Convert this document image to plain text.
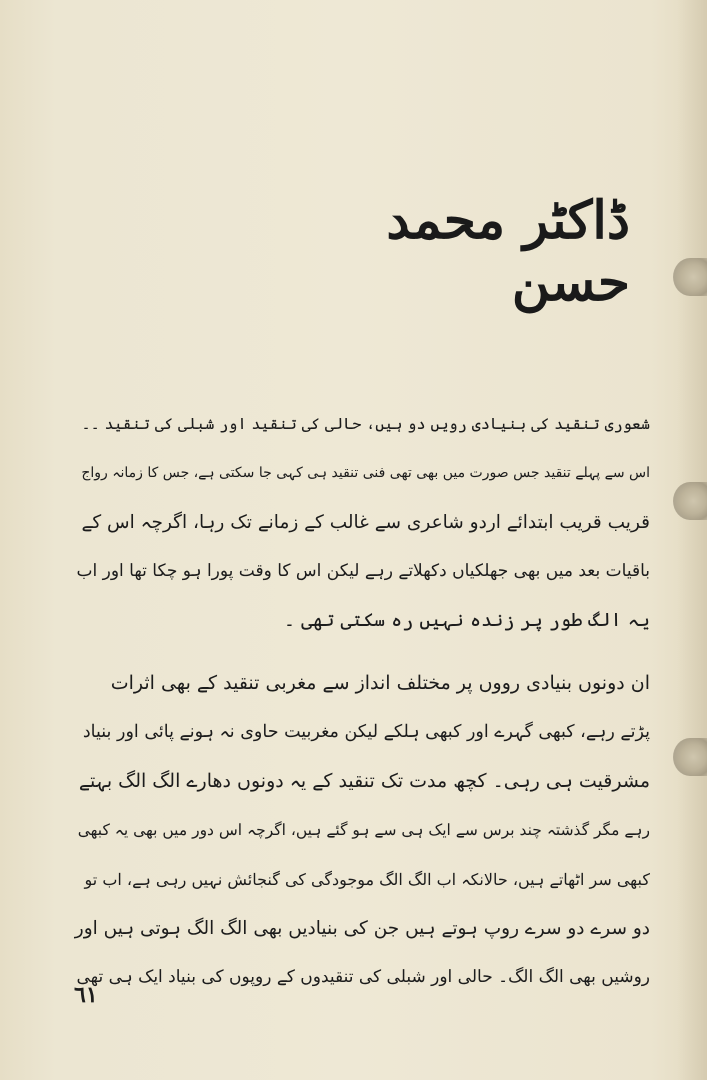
ڈاکٹر محمد حسن
شعوری تنقید کی بنیادی رویں دو ہیں، حالی کی تنقید اور شبلی کی تنقید ۔۔
اس سے پہلے تنقید جس صورت میں بھی تھی فنی تنقید ہی کہی جا سکتی ہے، جس کا زمانہ رواج
قریب قریب ابتدائے اردو شاعری سے غالب کے زمانے تک رہا، اگرچہ اس کے
باقیات بعد میں بھی جھلکیاں دکھلاتے رہے لیکن اس کا وقت پورا ہو چکا تھا اور اب
یہ الگ طور پر زندہ نہیں رہ سکتی تھی ۔
ان دونوں بنیادی رووں پر مختلف انداز سے مغربی تنقید کے بھی اثرات
پڑتے رہے، کبھی گہرے اور کبھی ہلکے لیکن مغربیت حاوی نہ ہونے پائی اور بنیاد
مشرقیت ہی رہی۔ کچھ مدت تک تنقید کے یہ دونوں دھارے الگ الگ بہتے
رہے مگر گذشتہ چند برس سے ایک ہی سے ہو گئے ہیں، اگرچہ اس دور میں بھی یہ کبھی
کبھی سر اٹھاتے ہیں، حالانکہ اب الگ الگ موجودگی کی گنجائش نہیں رہی ہے، اب تو
دو سرے دو سرے روپ ہوتے ہیں جن کی بنیادیں بھی الگ الگ ہوتی ہیں اور
روشیں بھی الگ الگ۔ حالی اور شبلی کی تنقیدوں کے روپوں کی بنیاد ایک ہی تھی
٦١
